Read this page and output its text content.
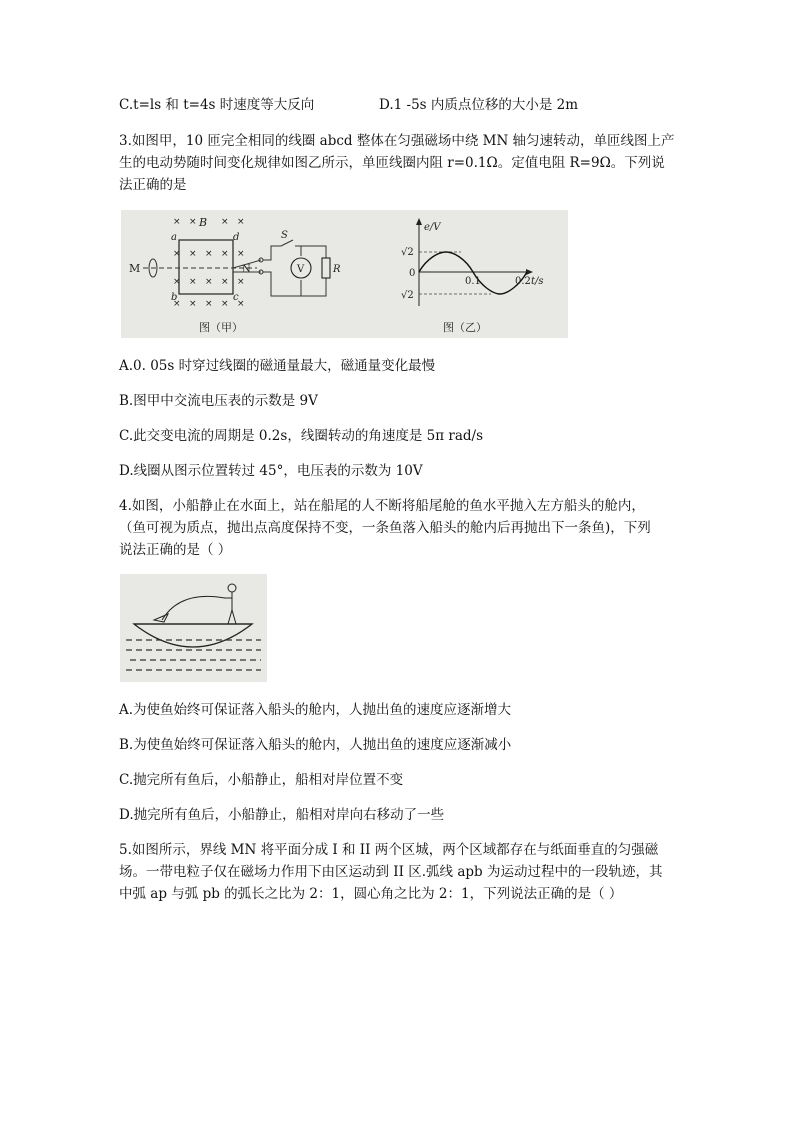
C.t=ls 和 t=4s 时速度等大反向	D.1 -5s 内质点位移的大小是 2m
3.如图甲，10 匝完全相同的线圈 abcd 整体在匀强磁场中绕 MN 轴匀速转动，单匝线图上产
生的电动势随时间变化规律如图乙所示，单匝线圈内阻 r=0.1Ω。定值电阻 R=9Ω。下列说
法正确的是
× ×	× ×
× × × × ×
× × × × ×
× × × × ×
B
a	d
b	c
M	N
S
V	R
图（甲）
e/V
t/s
0
√2
√2
0.1	0.2
图（乙）
A.0. 05s 时穿过线圈的磁通量最大，磁通量变化最慢
B.图甲中交流电压表的示数是 9V
C.此交变电流的周期是 0.2s，线圈转动的角速度是 5π rad/s
D.线圈从图示位置转过 45°，电压表的示数为 10V
4.如图，小船静止在水面上，站在船尾的人不断将船尾舱的鱼水平抛入左方船头的舱内，
（鱼可视为质点，抛出点高度保持不变，一条鱼落入船头的舱内后再抛出下一条鱼)，下列
说法正确的是（ ）
A.为使鱼始终可保证落入船头的舱内，人抛出鱼的速度应逐渐增大
B.为使鱼始终可保证落入船头的舱内，人抛出鱼的速度应逐渐减小
C.抛完所有鱼后，小船静止，船相对岸位置不变
D.抛完所有鱼后，小船静止，船相对岸向右移动了一些
5.如图所示，界线 MN 将平面分成 I 和 II 两个区城，两个区域都存在与纸面垂直的匀强磁
场。一带电粒子仅在磁场力作用下由区运动到 II 区.弧线 apb 为运动过程中的一段轨迹，其
中弧 ap 与弧 pb 的弧长之比为 2：1，圆心角之比为 2：1，下列说法正确的是（ ）
